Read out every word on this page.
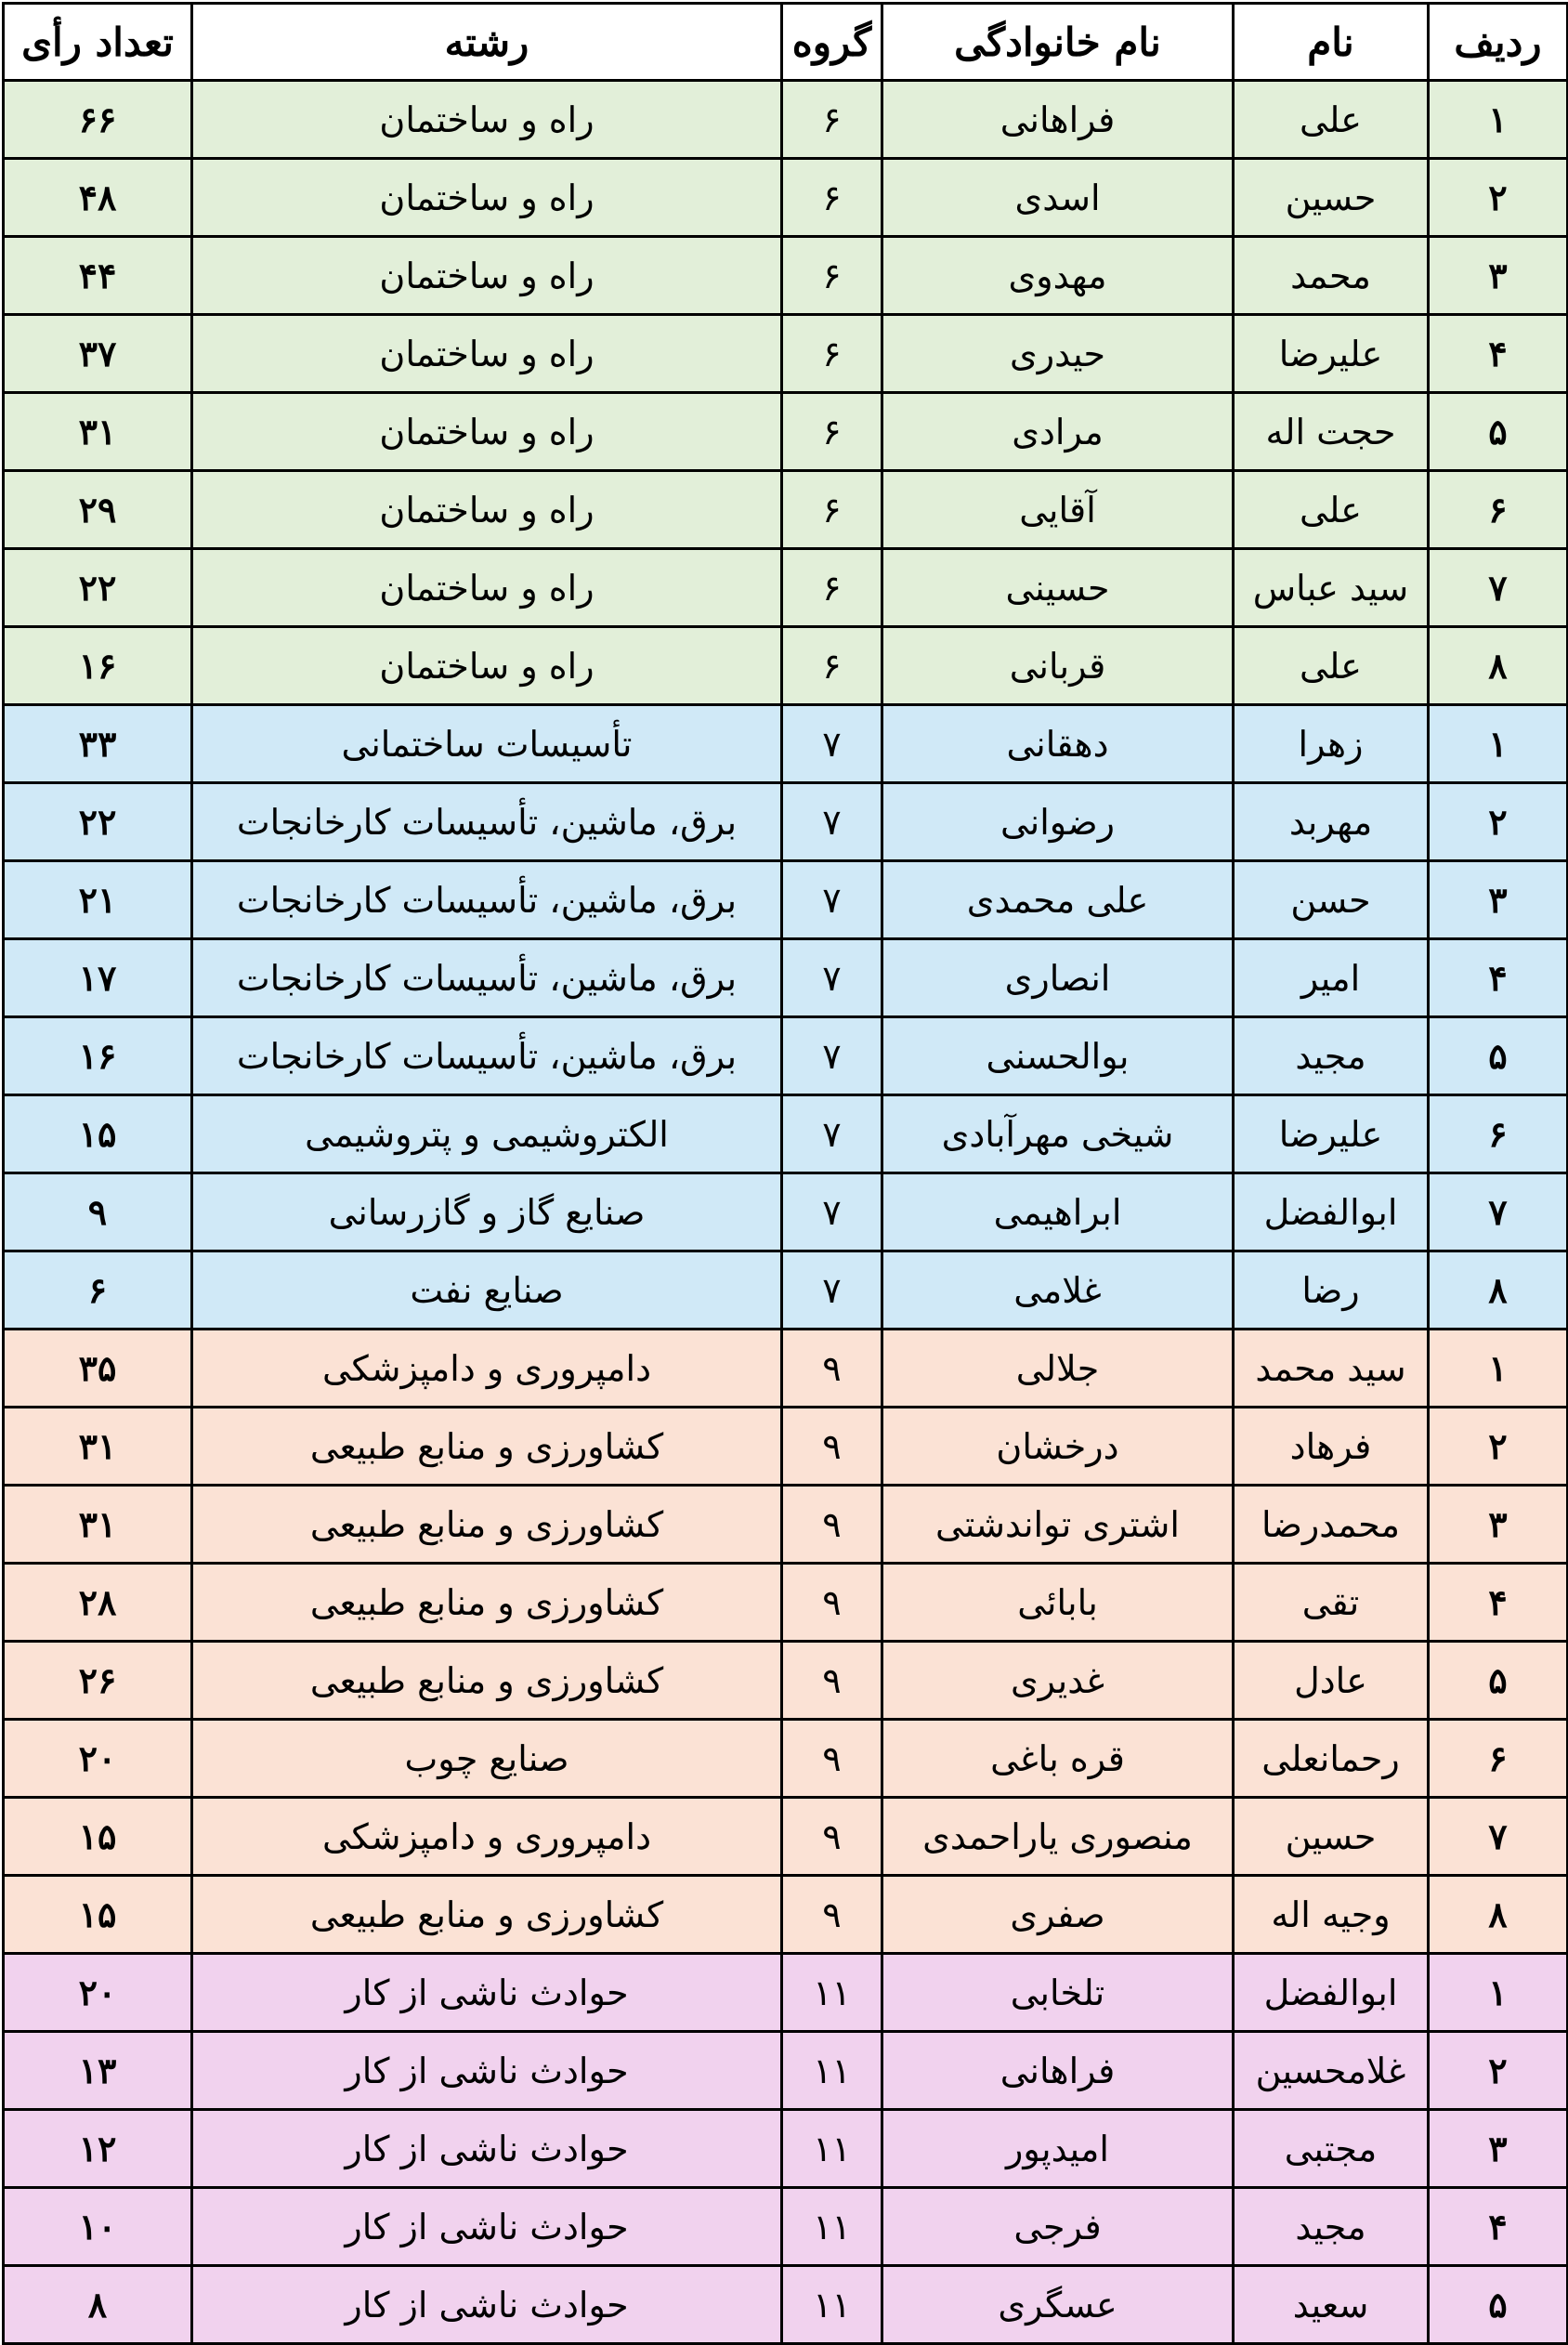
ردیف	نام	نام خانوادگی	گروه	رشته	تعداد رأی
۱	علی	فراهانی	۶	راه و ساختمان	۶۶
۲	حسین	اسدی	۶	راه و ساختمان	۴۸
۳	محمد	مهدوی	۶	راه و ساختمان	۴۴
۴	علیرضا	حیدری	۶	راه و ساختمان	۳۷
۵	حجت اله	مرادی	۶	راه و ساختمان	۳۱
۶	علی	آقایی	۶	راه و ساختمان	۲۹
۷	سید عباس	حسینی	۶	راه و ساختمان	۲۲
۸	علی	قربانی	۶	راه و ساختمان	۱۶
۱	زهرا	دهقانی	۷	تأسیسات ساختمانی	۳۳
۲	مهربد	رضوانی	۷	برق، ماشین، تأسیسات کارخانجات	۲۲
۳	حسن	علی محمدی	۷	برق، ماشین، تأسیسات کارخانجات	۲۱
۴	امیر	انصاری	۷	برق، ماشین، تأسیسات کارخانجات	۱۷
۵	مجید	بوالحسنی	۷	برق، ماشین، تأسیسات کارخانجات	۱۶
۶	علیرضا	شیخی مهرآبادی	۷	الکتروشیمی و پتروشیمی	۱۵
۷	ابوالفضل	ابراهیمی	۷	صنایع گاز و گازرسانی	۹
۸	رضا	غلامی	۷	صنایع نفت	۶
۱	سید محمد	جلالی	۹	دامپروری و دامپزشکی	۳۵
۲	فرهاد	درخشان	۹	کشاورزی و منابع طبیعی	۳۱
۳	محمدرضا	اشتری تواندشتی	۹	کشاورزی و منابع طبیعی	۳۱
۴	تقی	بابائی	۹	کشاورزی و منابع طبیعی	۲۸
۵	عادل	غدیری	۹	کشاورزی و منابع طبیعی	۲۶
۶	رحمانعلی	قره باغی	۹	صنایع چوب	۲۰
۷	حسین	منصوری یاراحمدی	۹	دامپروری و دامپزشکی	۱۵
۸	وجیه اله	صفری	۹	کشاورزی و منابع طبیعی	۱۵
۱	ابوالفضل	تلخابی	۱۱	حوادث ناشی از کار	۲۰
۲	غلامحسین	فراهانی	۱۱	حوادث ناشی از کار	۱۳
۳	مجتبی	امیدپور	۱۱	حوادث ناشی از کار	۱۲
۴	مجید	فرجی	۱۱	حوادث ناشی از کار	۱۰
۵	سعید	عسگری	۱۱	حوادث ناشی از کار	۸
